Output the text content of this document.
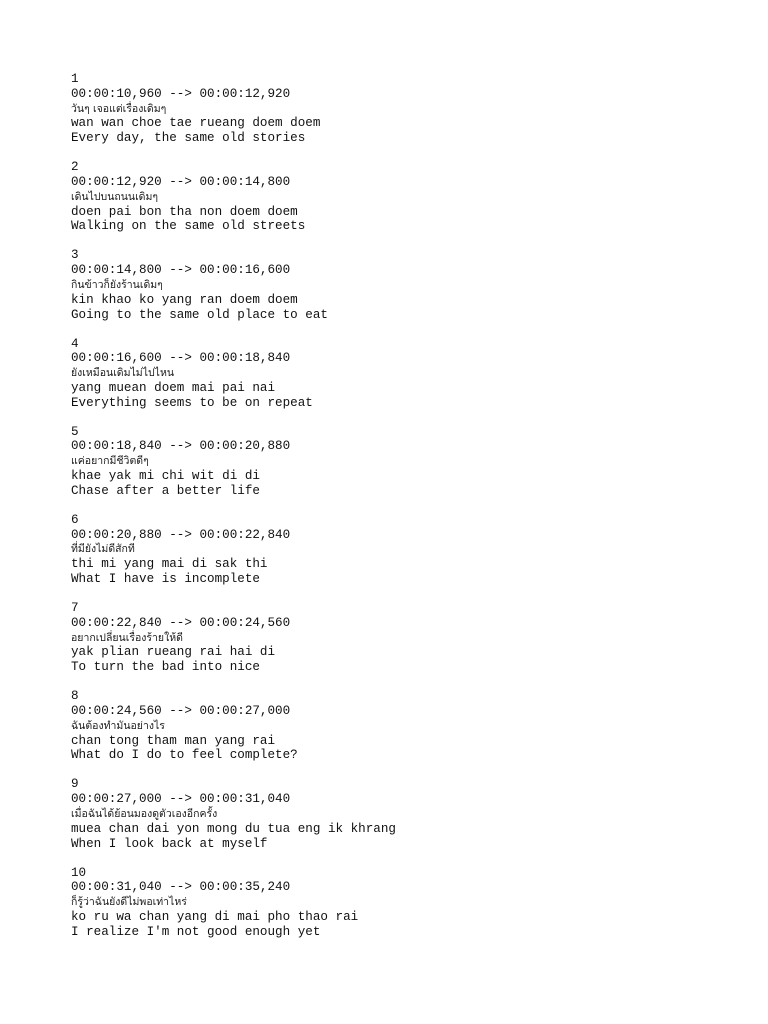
1
00:00:10,960 --> 00:00:12,920
วันๆ เจอแต่เรื่องเดิมๆ
wan wan choe tae rueang doem doem
Every day, the same old stories
2
00:00:12,920 --> 00:00:14,800
เดินไปบนถนนเดิมๆ
doen pai bon tha non doem doem
Walking on the same old streets
3
00:00:14,800 --> 00:00:16,600
กินข้าวก็ยังร้านเดิมๆ
kin khao ko yang ran doem doem
Going to the same old place to eat
4
00:00:16,600 --> 00:00:18,840
ยังเหมือนเดิมไม่ไปไหน
yang muean doem mai pai nai
Everything seems to be on repeat
5
00:00:18,840 --> 00:00:20,880
แค่อยากมีชีวิตดีๆ
khae yak mi chi wit di di
Chase after a better life
6
00:00:20,880 --> 00:00:22,840
ที่มียังไม่ดีสักที
thi mi yang mai di sak thi
What I have is incomplete
7
00:00:22,840 --> 00:00:24,560
อยากเปลี่ยนเรื่องร้ายให้ดี
yak plian rueang rai hai di
To turn the bad into nice
8
00:00:24,560 --> 00:00:27,000
ฉันต้องทำมันอย่างไร
chan tong tham man yang rai
What do I do to feel complete?
9
00:00:27,000 --> 00:00:31,040
เมื่อฉันได้ย้อนมองดูตัวเองอีกครั้ง
muea chan dai yon mong du tua eng ik khrang
When I look back at myself
10
00:00:31,040 --> 00:00:35,240
ก็รู้ว่าฉันยังดีไม่พอเท่าไหร่
ko ru wa chan yang di mai pho thao rai
I realize I'm not good enough yet
